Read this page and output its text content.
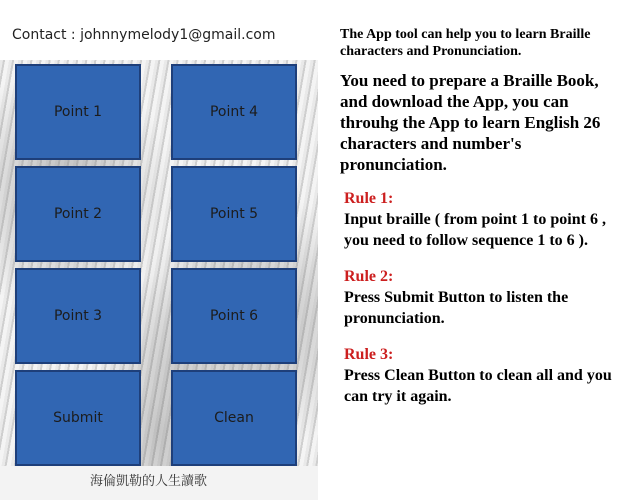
Contact : johnnymelody1@gmail.com
海倫凱勒的人生讀歌
Point 1	Point 4
Point 2	Point 5
Point 3	Point 6
Submit	Clean

The App tool can help you to learn Braille characters and Pronunciation.

You need to prepare a Braille Book, and download the App, you can throuhg the App to learn English 26 characters and number's pronunciation.

Rule 1:
Input braille ( from point 1 to point 6 , you need to follow sequence 1 to 6 ).
Rule 2:
Press Submit Button to listen the pronunciation.
Rule 3:
Press Clean Button to clean all and you can try it again.
